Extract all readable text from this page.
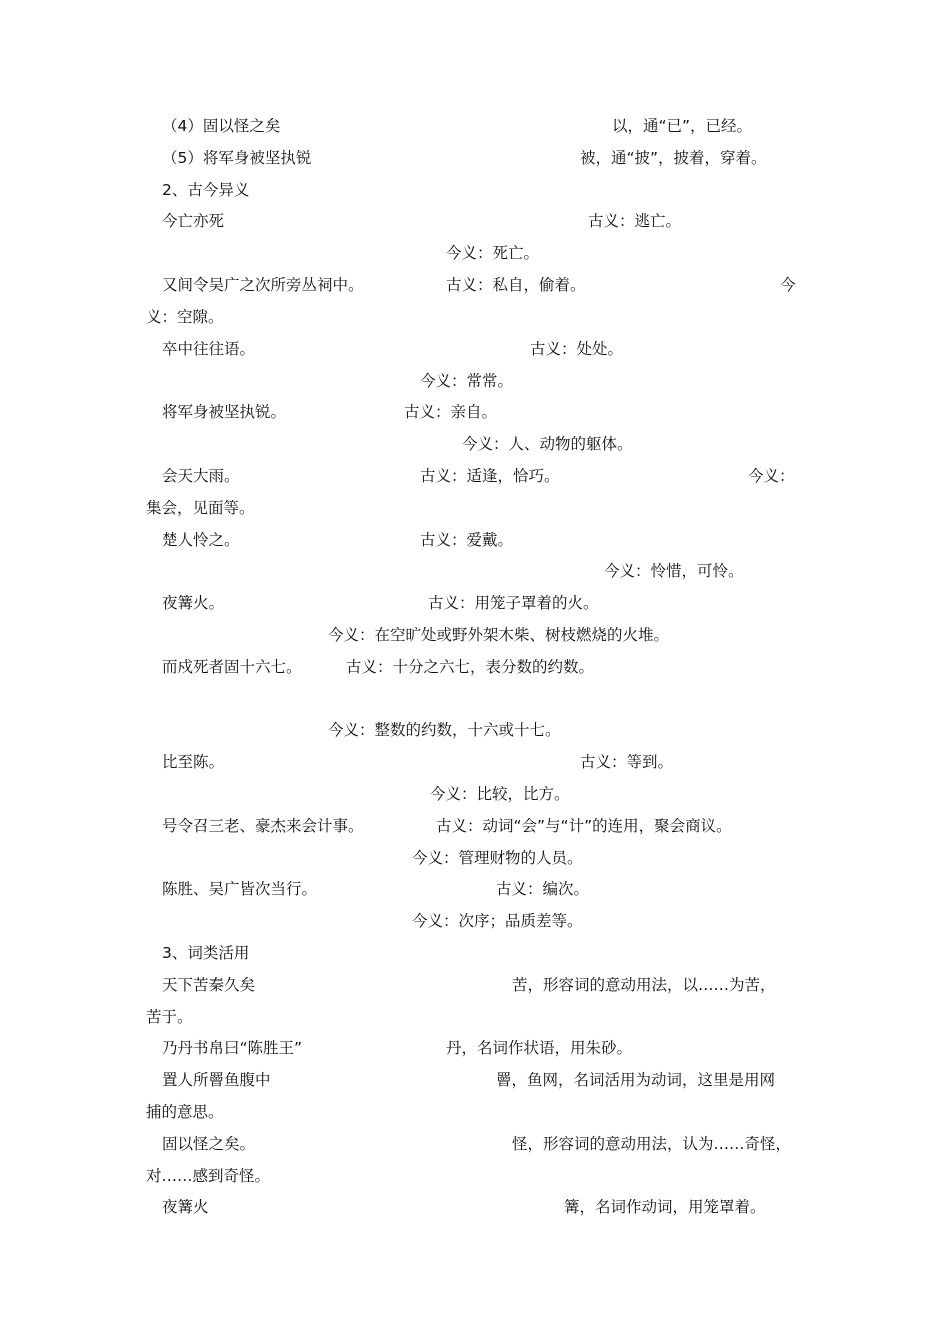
（4）固以怪之矣	以，通“已”，已经。
（5）将军身被坚执锐	被，通“披”，披着，穿着。
2、古今异义
今亡亦死	古义：逃亡。
今义：死亡。
又间令吴广之次所旁丛祠中。	古义：私自，偷着。	今
义：空隙。
卒中往往语。	古义：处处。
今义：常常。
将军身被坚执锐。	古义：亲自。
今义：人、动物的躯体。
会天大雨。	古义：适逢，恰巧。	今义：
集会，见面等。
楚人怜之。	古义：爱戴。
今义：怜惜，可怜。
夜篝火。	古义：用笼子罩着的火。
今义：在空旷处或野外架木柴、树枝燃烧的火堆。
而戍死者固十六七。	古义：十分之六七，表分数的约数。
今义：整数的约数，十六或十七。
比至陈。	古义：等到。
今义：比较，比方。
号令召三老、豪杰来会计事。	古义：动词“会”与“计”的连用，聚会商议。
今义：管理财物的人员。
陈胜、吴广皆次当行。	古义：编次。
今义：次序；品质差等。
3、词类活用
天下苦秦久矣	苦，形容词的意动用法，以……为苦，
苦于。
乃丹书帛曰“陈胜王”	丹，名词作状语，用朱砂。
置人所罾鱼腹中	罾，鱼网，名词活用为动词，这里是用网
捕的意思。
固以怪之矣。	怪，形容词的意动用法，认为……奇怪，
对……感到奇怪。
夜篝火	篝，名词作动词，用笼罩着。
